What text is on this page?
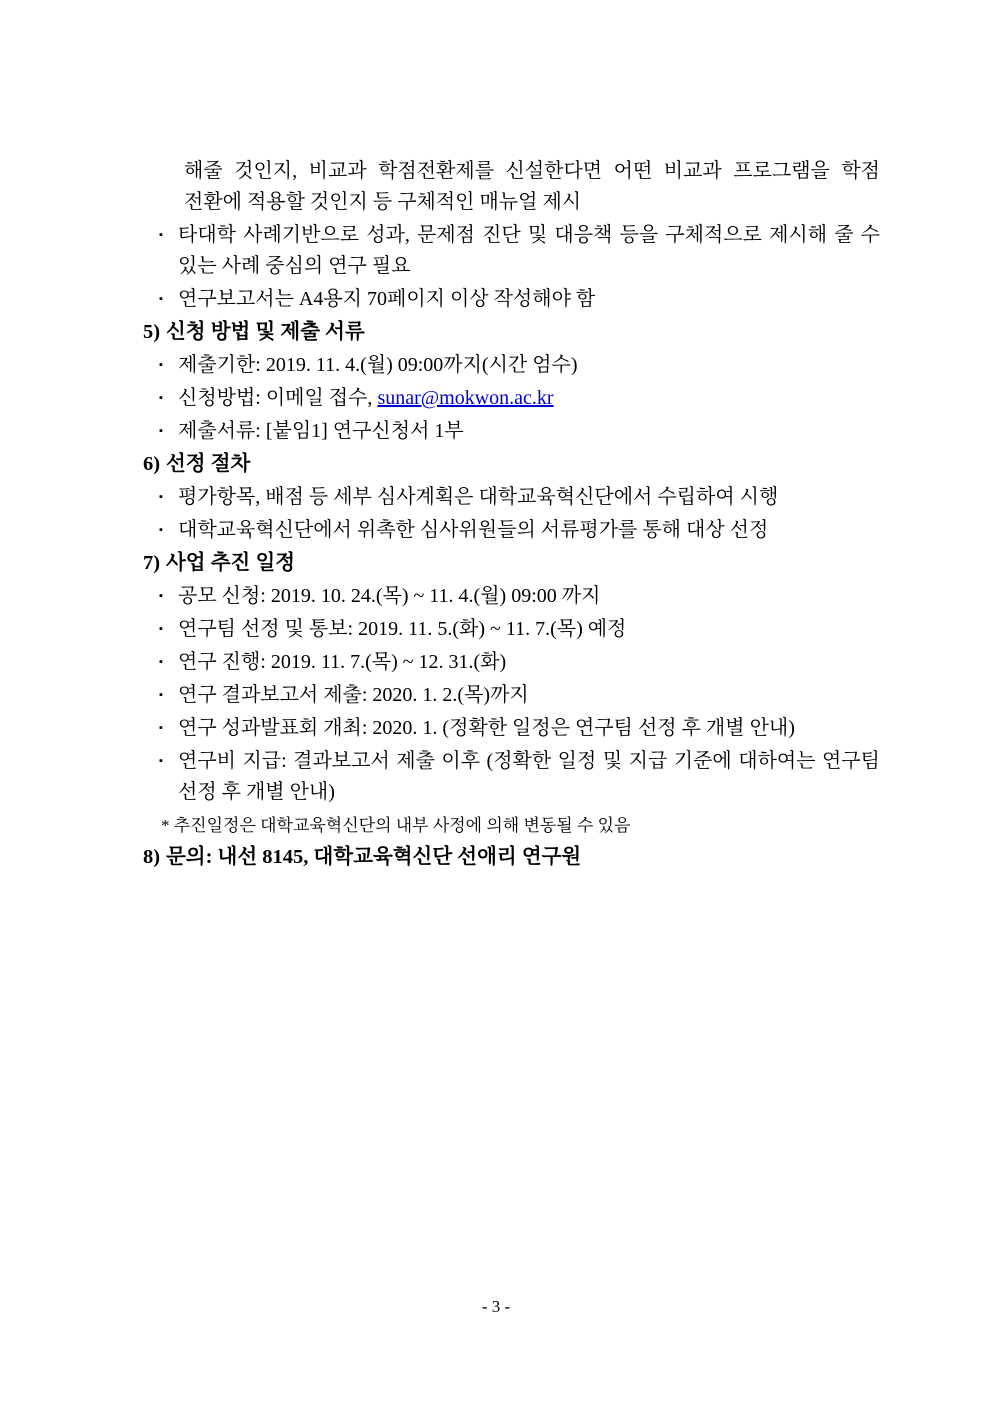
해줄 것인지, 비교과 학점전환제를 신설한다면 어떤 비교과 프로그램을 학점 전환에 적용할 것인지 등 구체적인 매뉴얼 제시
▪ 타대학 사례기반으로 성과, 문제점 진단 및 대응책 등을 구체적으로 제시해 줄 수 있는 사례 중심의 연구 필요
▪ 연구보고서는 A4용지 70페이지 이상 작성해야 함
5) 신청 방법 및 제출 서류
▪ 제출기한: 2019. 11. 4.(월) 09:00까지(시간 엄수)
▪ 신청방법: 이메일 접수, sunar@mokwon.ac.kr
▪ 제출서류: [붙임1] 연구신청서 1부
6) 선정 절차
▪ 평가항목, 배점 등 세부 심사계획은 대학교육혁신단에서 수립하여 시행
▪ 대학교육혁신단에서 위촉한 심사위원들의 서류평가를 통해 대상 선정
7) 사업 추진 일정
▪ 공모 신청: 2019. 10. 24.(목) ~ 11. 4.(월) 09:00 까지
▪ 연구팀 선정 및 통보: 2019. 11. 5.(화) ~ 11. 7.(목) 예정
▪ 연구 진행: 2019. 11. 7.(목) ~ 12. 31.(화)
▪ 연구 결과보고서 제출: 2020. 1. 2.(목)까지
▪ 연구 성과발표회 개최: 2020. 1. (정확한 일정은 연구팀 선정 후 개별 안내)
▪ 연구비 지급: 결과보고서 제출 이후 (정확한 일정 및 지급 기준에 대하여는 연구팀 선정 후 개별 안내)
* 추진일정은 대학교육혁신단의 내부 사정에 의해 변동될 수 있음
8) 문의: 내선 8145, 대학교육혁신단 선애리 연구원
- 3 -
